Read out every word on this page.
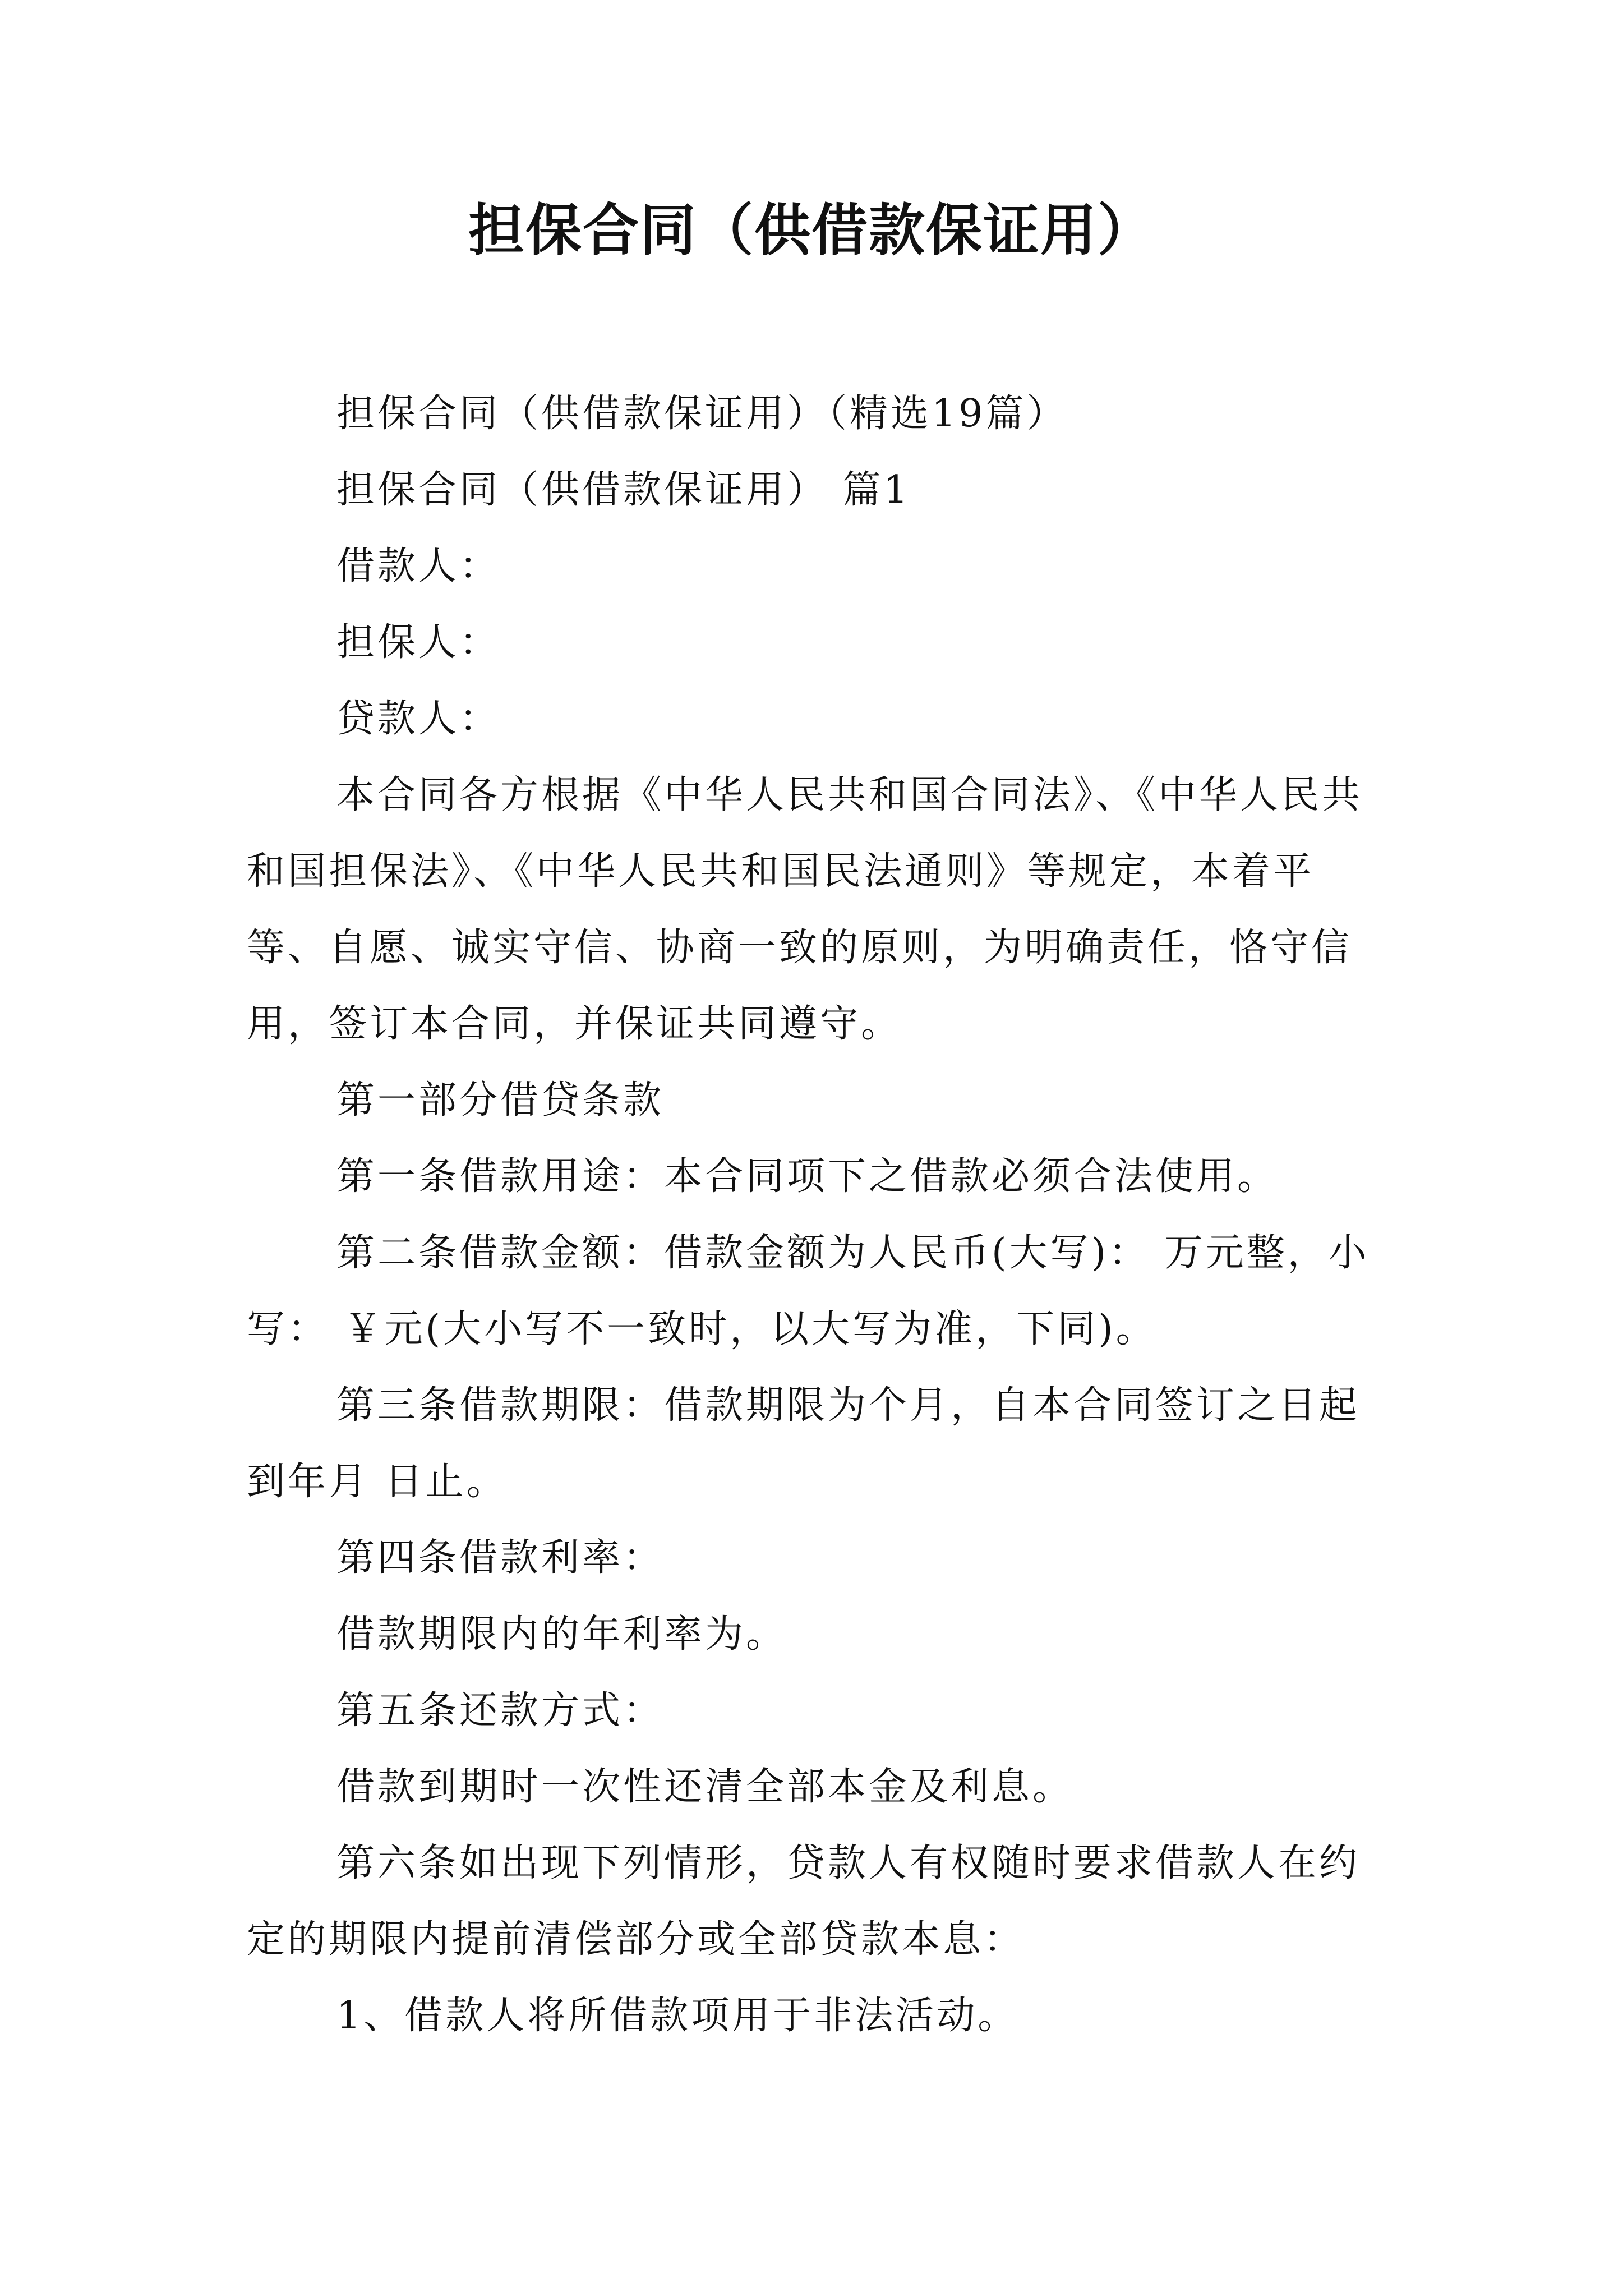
担保合同（供借款保证用）

担保合同（供借款保证用）（精选19篇）

担保合同（供借款保证用） 篇1

借款人：

担保人：

贷款人：

本合同各方根据《中华人民共和国合同法》、《中华人民共和国担保法》、《中华人民共和国民法通则》等规定，本着平等、自愿、诚实守信、协商一致的原则，为明确责任，恪守信用，签订本合同，并保证共同遵守。

第一部分借贷条款

第一条借款用途：本合同项下之借款必须合法使用。

第二条借款金额：借款金额为人民币(大写)： 万元整，小写： ￥元(大小写不一致时，以大写为准，下同)。

第三条借款期限：借款期限为个月，自本合同签订之日起到年月 日止。

第四条借款利率：

借款期限内的年利率为。

第五条还款方式：

借款到期时一次性还清全部本金及利息。

第六条如出现下列情形，贷款人有权随时要求借款人在约定的期限内提前清偿部分或全部贷款本息：

1、借款人将所借款项用于非法活动。
